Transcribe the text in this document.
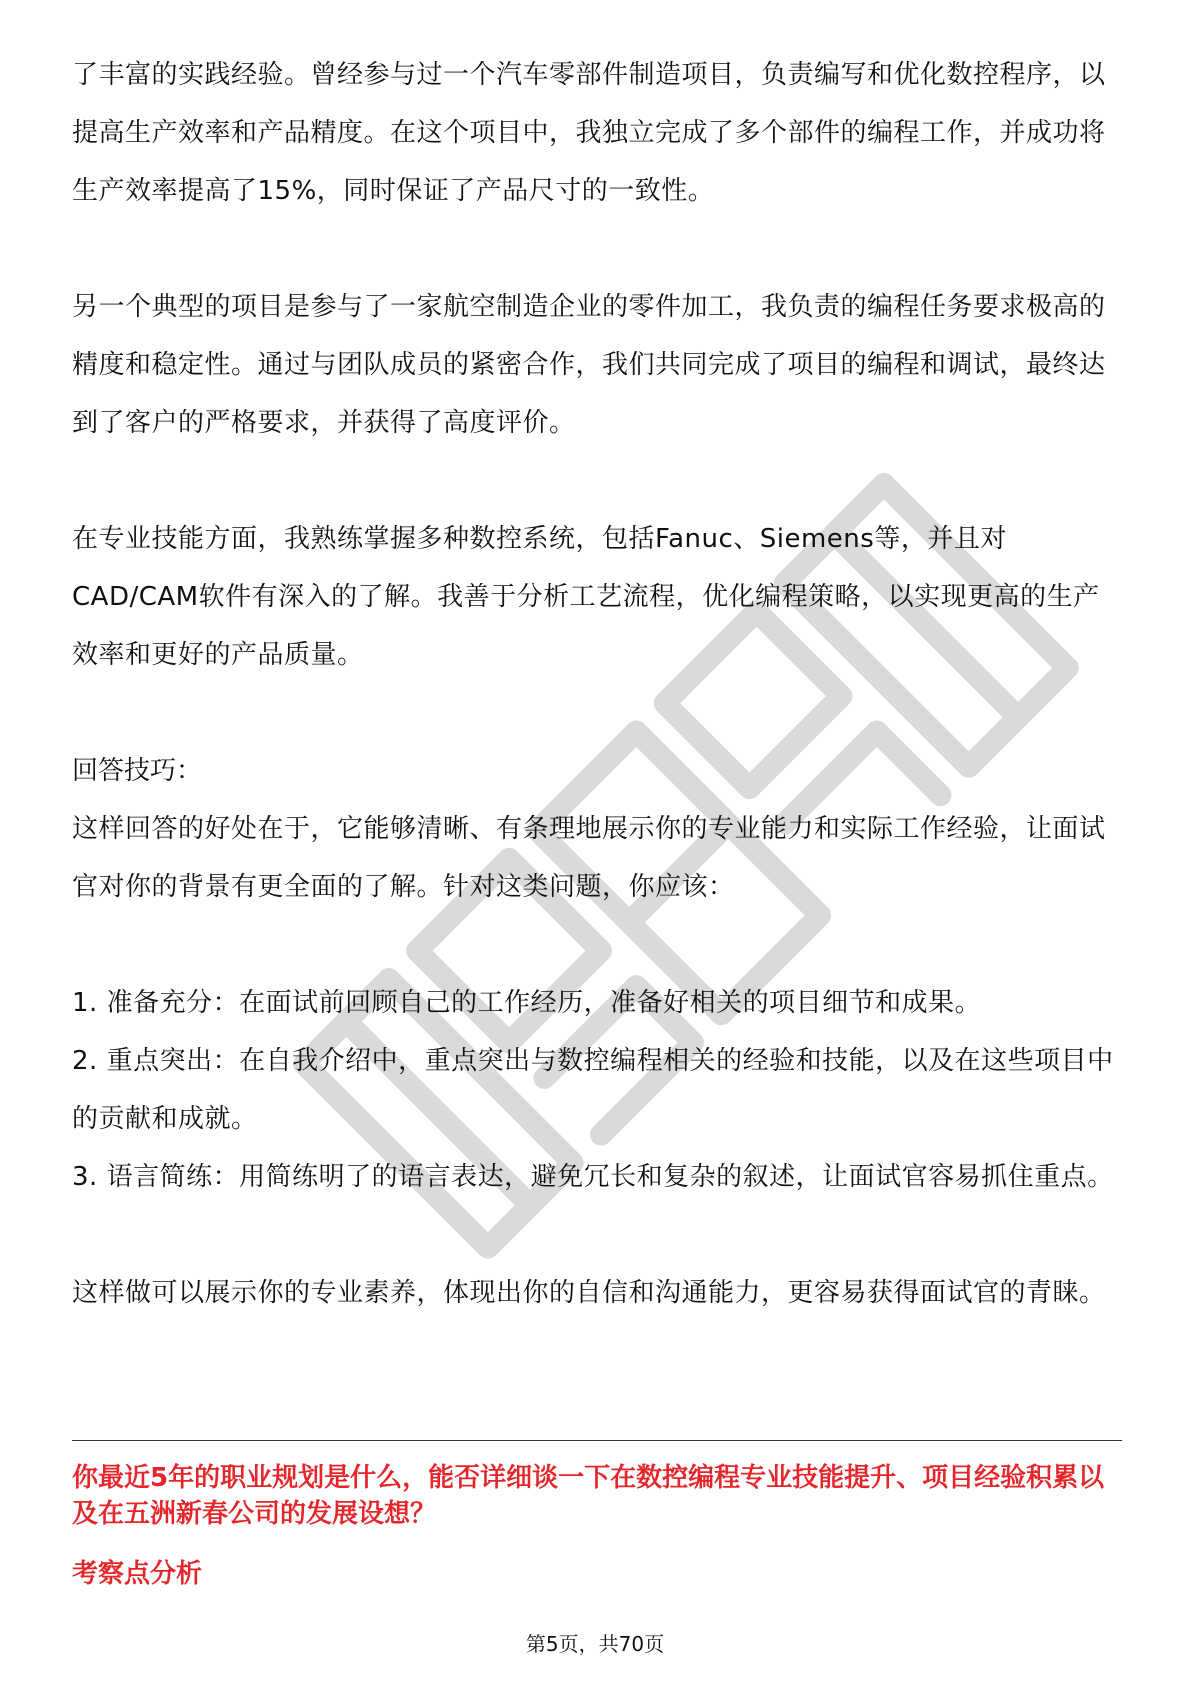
了丰富的实践经验。曾经参与过一个汽车零部件制造项目，负责编写和优化数控程序，以提高生产效率和产品精度。在这个项目中，我独立完成了多个部件的编程工作，并成功将生产效率提高了15%，同时保证了产品尺寸的一致性。

另一个典型的项目是参与了一家航空制造企业的零件加工，我负责的编程任务要求极高的精度和稳定性。通过与团队成员的紧密合作，我们共同完成了项目的编程和调试，最终达到了客户的严格要求，并获得了高度评价。

在专业技能方面，我熟练掌握多种数控系统，包括Fanuc、Siemens等，并且对CAD/CAM软件有深入的了解。我善于分析工艺流程，优化编程策略，以实现更高的生产效率和更好的产品质量。

回答技巧：

这样回答的好处在于，它能够清晰、有条理地展示你的专业能力和实际工作经验，让面试官对你的背景有更全面的了解。针对这类问题，你应该：

1. 准备充分：在面试前回顾自己的工作经历，准备好相关的项目细节和成果。

2. 重点突出：在自我介绍中，重点突出与数控编程相关的经验和技能，以及在这些项目中的贡献和成就。

3. 语言简练：用简练明了的语言表达，避免冗长和复杂的叙述，让面试官容易抓住重点。

这样做可以展示你的专业素养，体现出你的自信和沟通能力，更容易获得面试官的青睐。

你最近5年的职业规划是什么，能否详细谈一下在数控编程专业技能提升、项目经验积累以及在五洲新春公司的发展设想？

考察点分析

第5页，共70页
